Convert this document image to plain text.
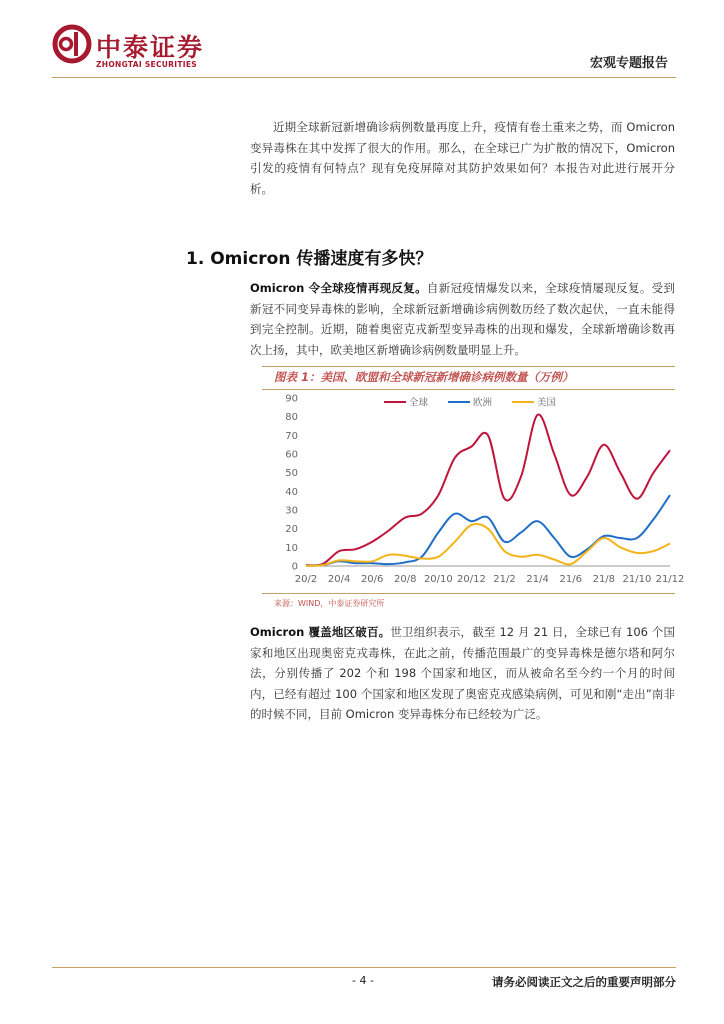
中泰证券
ZHONGTAI SECURITIES	宏观专题报告

近期全球新冠新增确诊病例数量再度上升，疫情有卷土重来之势，而 Omicron 变异毒株在其中发挥了很大的作用。那么，在全球已广为扩散的情况下，Omicron 引发的疫情有何特点？现有免疫屏障对其防护效果如何？本报告对此进行展开分析。

1. Omicron 传播速度有多快？

Omicron 令全球疫情再现反复。自新冠疫情爆发以来，全球疫情屡现反复。受到新冠不同变异毒株的影响，全球新冠新增确诊病例数历经了数次起伏，一直未能得到完全控制。近期，随着奥密克戎新型变异毒株的出现和爆发，全球新增确诊数再次上扬，其中，欧美地区新增确诊病例数量明显上升。

图表 1：美国、欧盟和全球新冠新增确诊病例数量（万例）
0
10
20
30
40
50
60
70
80
90
20/2 20/4 20/6 20/8 20/10 20/12 21/2 21/4 21/6 21/8 21/10 21/12
全球	欧洲	美国
来源：WIND，中泰证券研究所

Omicron 覆盖地区破百。世卫组织表示，截至 12 月 21 日，全球已有 106 个国家和地区出现奥密克戎毒株，在此之前，传播范围最广的变异毒株是德尔塔和阿尔法，分别传播了 202 个和 198 个国家和地区，而从被命名至今约一个月的时间内，已经有超过 100 个国家和地区发现了奥密克戎感染病例，可见和刚“走出”南非的时候不同，目前 Omicron 变异毒株分布已经较为广泛。

- 4 -	请务必阅读正文之后的重要声明部分
